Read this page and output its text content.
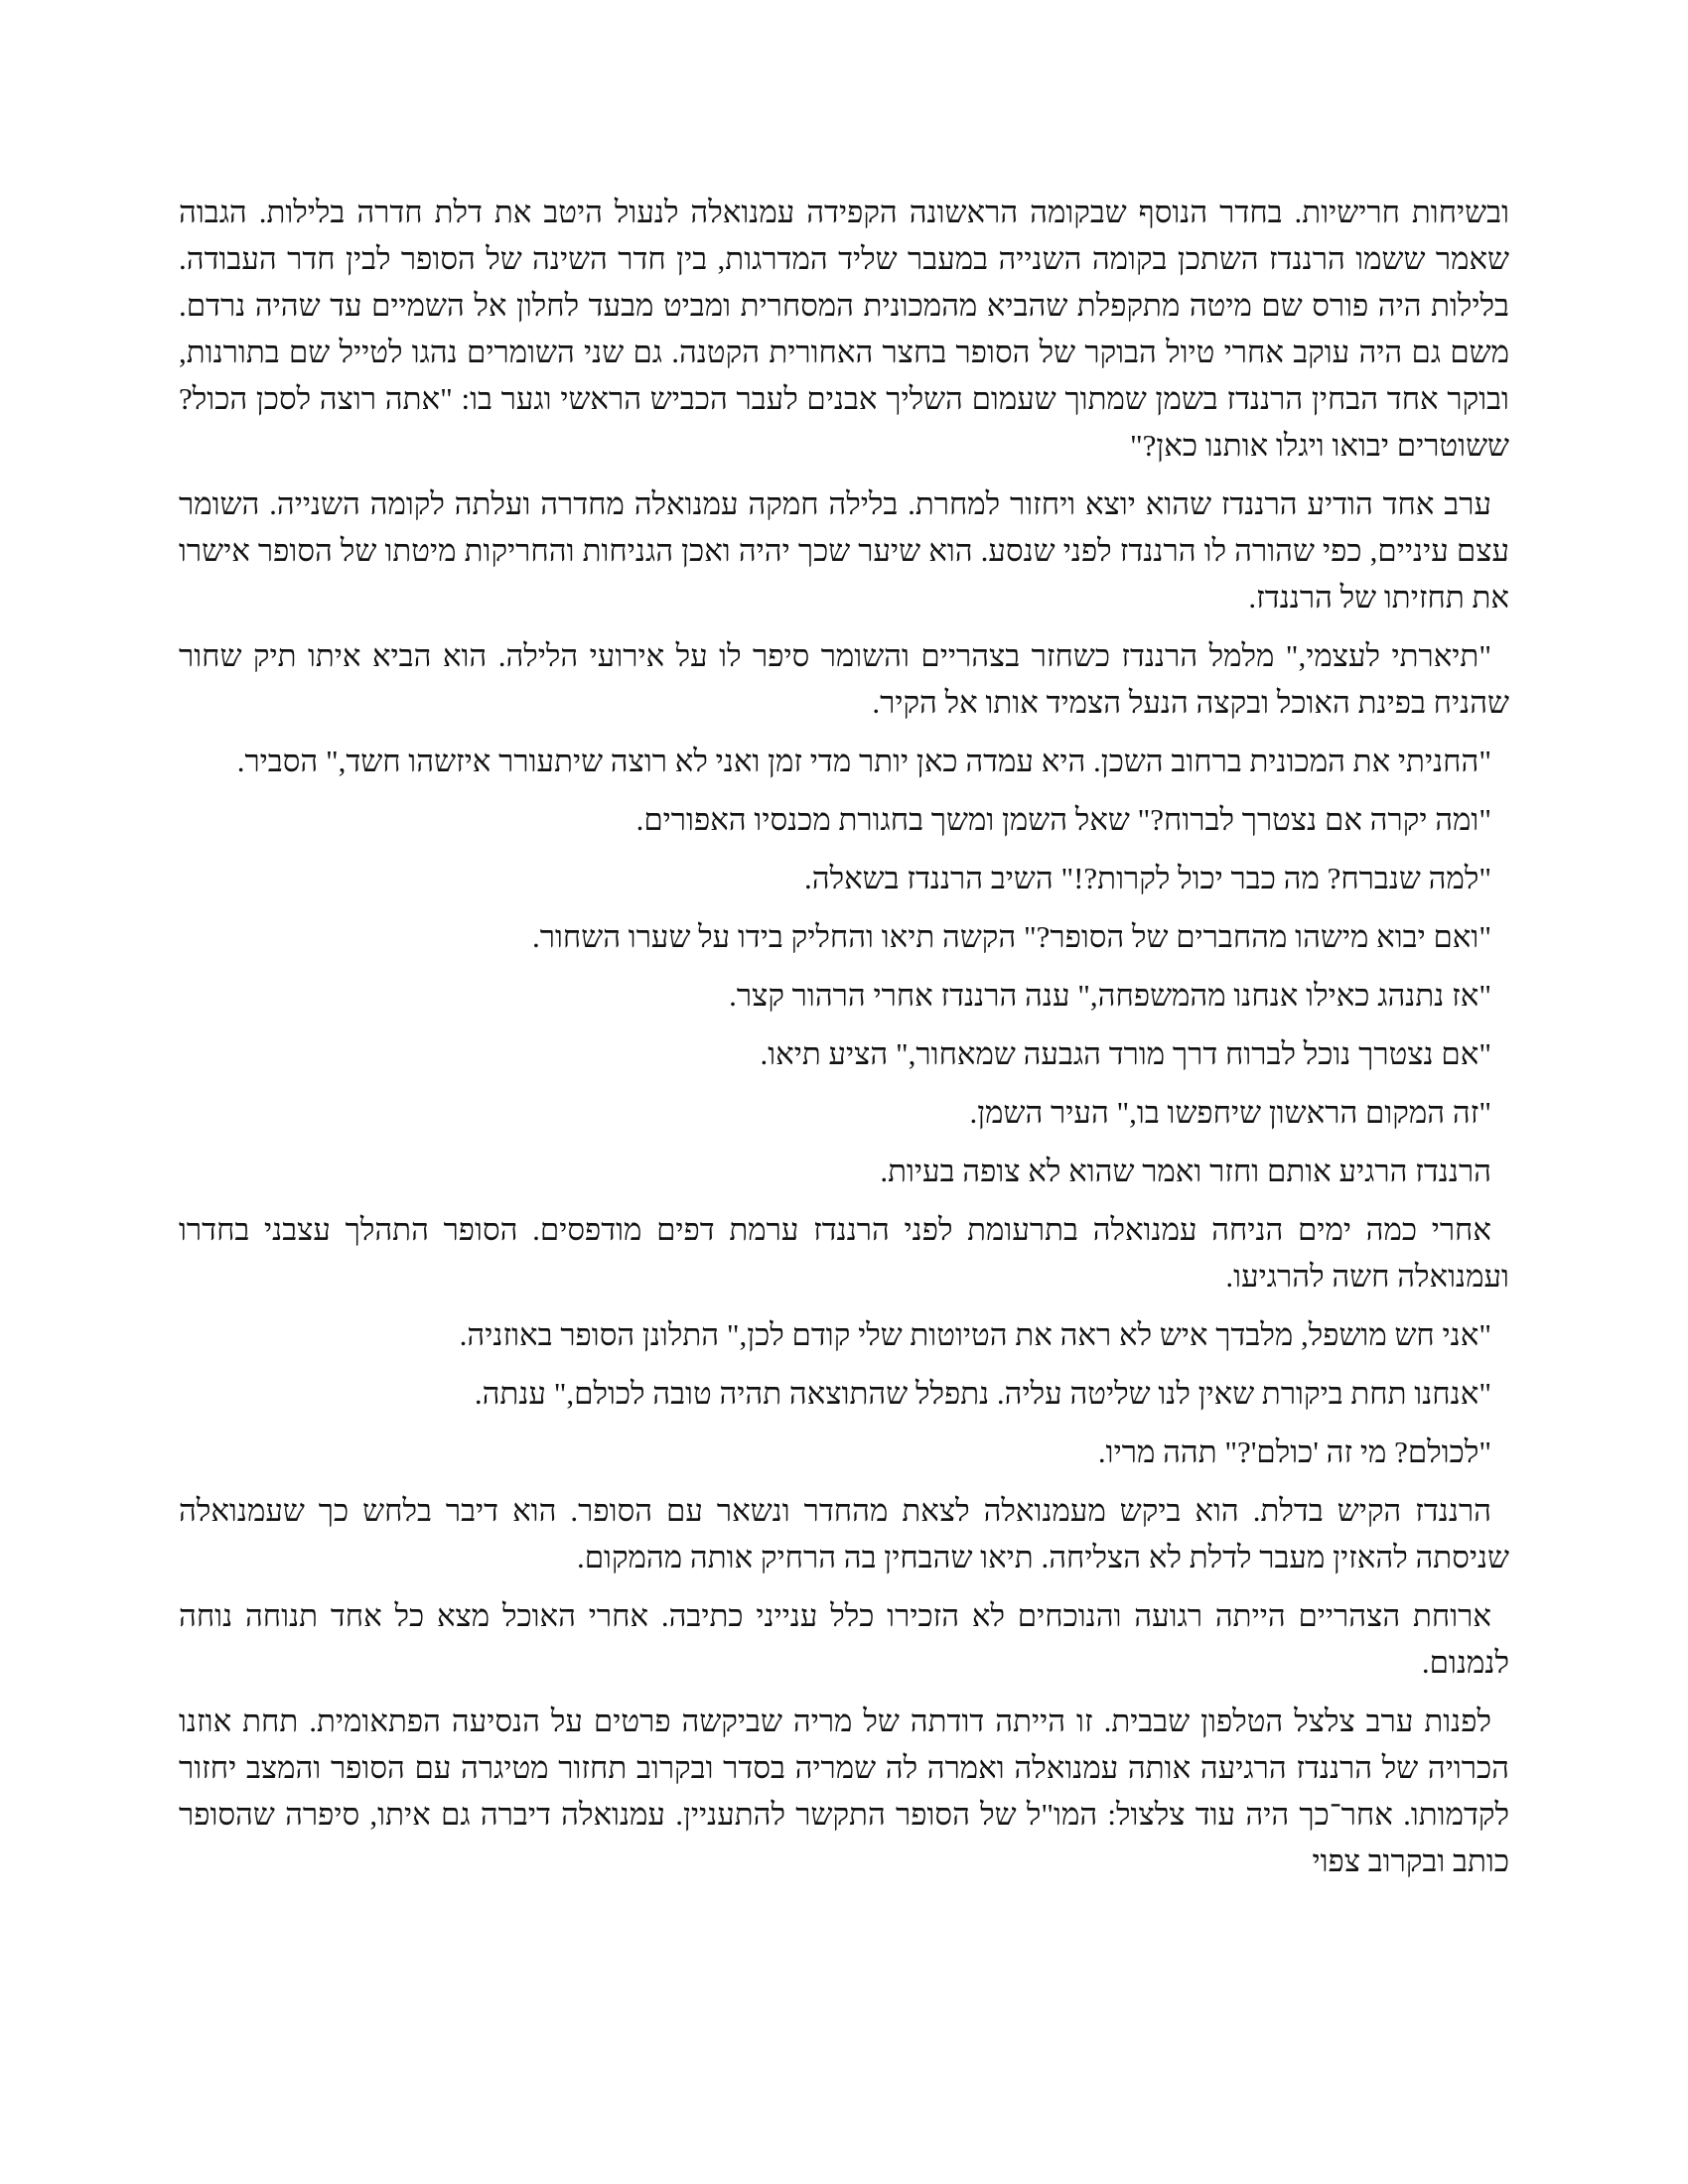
ובשיחות חרישיות. בחדר הנוסף שבקומה הראשונה הקפידה עמנואלה לנעול היטב את דלת חדרה בלילות. הגבוה שאמר ששמו הרננדז השתכן בקומה השנייה במעבר שליד המדרגות, בין חדר השינה של הסופר לבין חדר העבודה. בלילות היה פורס שם מיטה מתקפלת שהביא מהמכונית המסחרית ומביט מבעד לחלון אל השמיים עד שהיה נרדם. משם גם היה עוקב אחרי טיול הבוקר של הסופר בחצר האחורית הקטנה. גם שני השומרים נהגו לטייל שם בתורנות, ובוקר אחד הבחין הרננדז בשמן שמתוך שעמום השליך אבנים לעבר הכביש הראשי וגער בו: "אתה רוצה לסכן הכול? ששוטרים יבואו ויגלו אותנו כאן?"

ערב אחד הודיע הרננדז שהוא יוצא ויחזור למחרת. בלילה חמקה עמנואלה מחדרה ועלתה לקומה השנייה. השומר עצם עיניים, כפי שהורה לו הרננדז לפני שנסע. הוא שיער שכך יהיה ואכן הגניחות והחריקות מיטתו של הסופר אישרו את תחזיתו של הרננדז.

"תיארתי לעצמי," מלמל הרננדז כשחזר בצהריים והשומר סיפר לו על אירועי הלילה. הוא הביא איתו תיק שחור שהניח בפינת האוכל ובקצה הנעל הצמיד אותו אל הקיר.

"החניתי את המכונית ברחוב השכן. היא עמדה כאן יותר מדי זמן ואני לא רוצה שיתעורר איזשהו חשד," הסביר.

"ומה יקרה אם נצטרך לברוח?" שאל השמן ומשך בחגורת מכנסיו האפורים.

"למה שנברח? מה כבר יכול לקרות?!" השיב הרננדז בשאלה.

"ואם יבוא מישהו מהחברים של הסופר?" הקשה תיאו והחליק בידו על שערו השחור.

"אז נתנהג כאילו אנחנו מהמשפחה," ענה הרננדז אחרי הרהור קצר.

"אם נצטרך נוכל לברוח דרך מורד הגבעה שמאחור," הציע תיאו.

"זה המקום הראשון שיחפשו בו," העיר השמן.

הרננדז הרגיע אותם וחזר ואמר שהוא לא צופה בעיות.

אחרי כמה ימים הניחה עמנואלה בתרעומת לפני הרננדז ערמת דפים מודפסים. הסופר התהלך עצבני בחדרו ועמנואלה חשה להרגיעו.

"אני חש מושפל, מלבדך איש לא ראה את הטיוטות שלי קודם לכן," התלונן הסופר באוזניה.

"אנחנו תחת ביקורת שאין לנו שליטה עליה. נתפלל שהתוצאה תהיה טובה לכולם," ענתה.

"לכולם? מי זה 'כולם'?" תהה מריו.

הרננדז הקיש בדלת. הוא ביקש מעמנואלה לצאת מהחדר ונשאר עם הסופר. הוא דיבר בלחש כך שעמנואלה שניסתה להאזין מעבר לדלת לא הצליחה. תיאו שהבחין בה הרחיק אותה מהמקום.

ארוחת הצהריים הייתה רגועה והנוכחים לא הזכירו כלל ענייני כתיבה. אחרי האוכל מצא כל אחד תנוחה נוחה לנמנום.

לפנות ערב צלצל הטלפון שבבית. זו הייתה דודתה של מריה שביקשה פרטים על הנסיעה הפתאומית. תחת אוזנו הכרויה של הרננדז הרגיעה אותה עמנואלה ואמרה לה שמריה בסדר ובקרוב תחזור מטיגרה עם הסופר והמצב יחזור לקדמותו. אחר־כך היה עוד צלצול: המו"ל של הסופר התקשר להתעניין. עמנואלה דיברה גם איתו, סיפרה שהסופר כותב ובקרוב צפוי
